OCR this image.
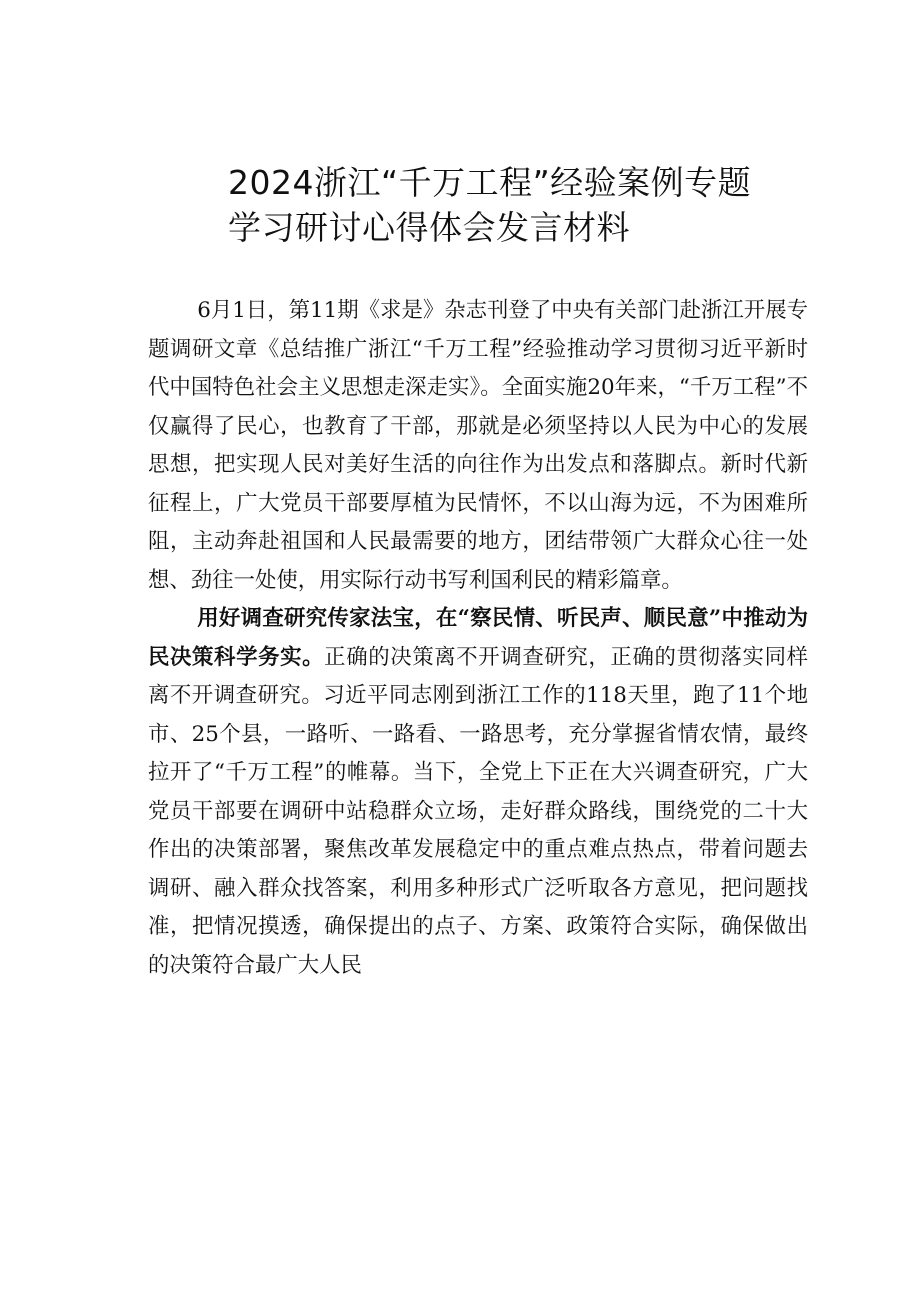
2024浙江“千万工程”经验案例专题
学习研讨心得体会发言材料

6月1日，第11期《求是》杂志刊登了中央有关部门赴浙江开展专题调研文章《总结推广浙江“千万工程”经验推动学习贯彻习近平新时代中国特色社会主义思想走深走实》。全面实施20年来，“千万工程”不仅赢得了民心，也教育了干部，那就是必须坚持以人民为中心的发展思想，把实现人民对美好生活的向往作为出发点和落脚点。新时代新征程上，广大党员干部要厚植为民情怀，不以山海为远，不为困难所阻，主动奔赴祖国和人民最需要的地方，团结带领广大群众心往一处想、劲往一处使，用实际行动书写利国利民的精彩篇章。

用好调查研究传家法宝，在“察民情、听民声、顺民意”中推动为民决策科学务实。正确的决策离不开调查研究，正确的贯彻落实同样离不开调查研究。习近平同志刚到浙江工作的118天里，跑了11个地市、25个县，一路听、一路看、一路思考，充分掌握省情农情，最终拉开了“千万工程”的帷幕。当下，全党上下正在大兴调查研究，广大党员干部要在调研中站稳群众立场，走好群众路线，围绕党的二十大作出的决策部署，聚焦改革发展稳定中的重点难点热点，带着问题去调研、融入群众找答案，利用多种形式广泛听取各方意见，把问题找准，把情况摸透，确保提出的点子、方案、政策符合实际，确保做出的决策符合最广大人民
